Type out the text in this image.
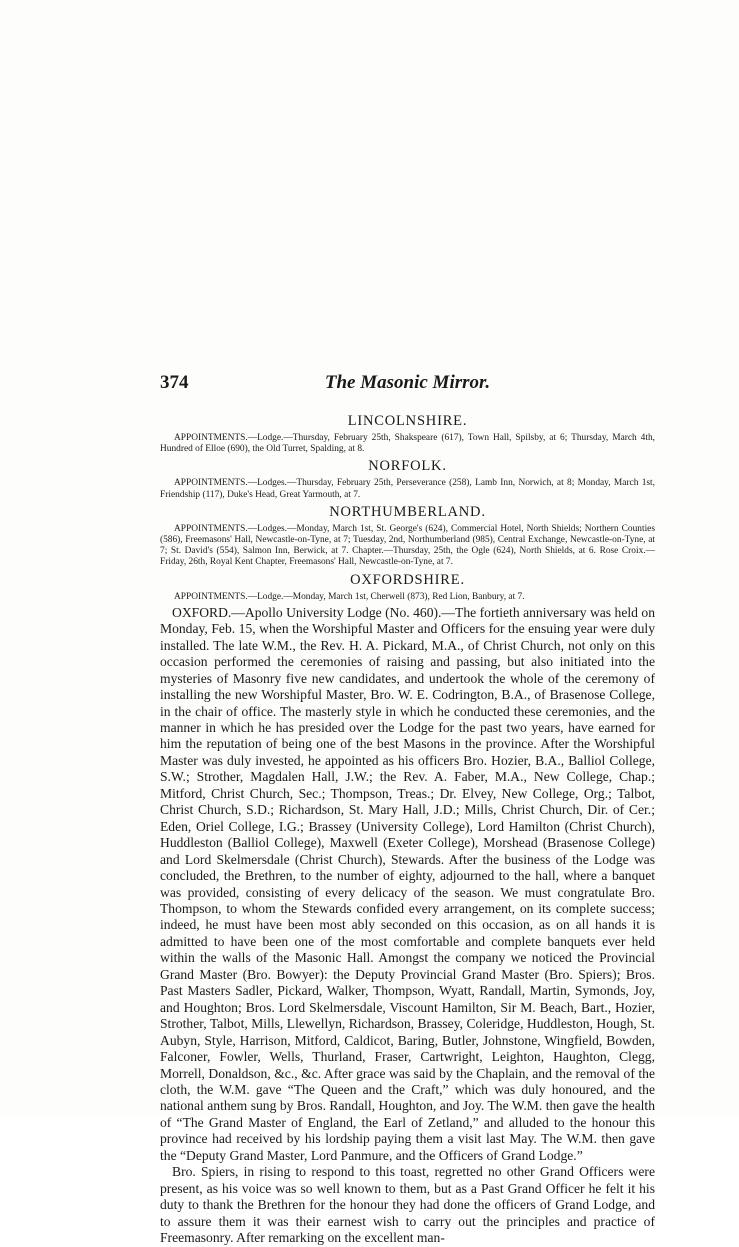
374	The Masonic Mirror.
LINCOLNSHIRE.

APPOINTMENTS.—Lodge.—Thursday, February 25th, Shakspeare (617), Town Hall, Spilsby, at 6; Thursday, March 4th, Hundred of Elloe (690), the Old Turret, Spalding, at 8.

NORFOLK.

APPOINTMENTS.—Lodges.—Thursday, February 25th, Perseverance (258), Lamb Inn, Norwich, at 8; Monday, March 1st, Friendship (117), Duke's Head, Great Yarmouth, at 7.

NORTHUMBERLAND.

APPOINTMENTS.—Lodges.—Monday, March 1st, St. George's (624), Commercial Hotel, North Shields; Northern Counties (586), Freemasons' Hall, Newcastle-on-Tyne, at 7; Tuesday, 2nd, Northumberland (985), Central Exchange, Newcastle-on-Tyne, at 7; St. David's (554), Salmon Inn, Berwick, at 7. Chapter.—Thursday, 25th, the Ogle (624), North Shields, at 6. Rose Croix.—Friday, 26th, Royal Kent Chapter, Freemasons' Hall, Newcastle-on-Tyne, at 7.

OXFORDSHIRE.

APPOINTMENTS.—Lodge.—Monday, March 1st, Cherwell (873), Red Lion, Banbury, at 7.

OXFORD.—Apollo University Lodge (No. 460).—The fortieth anniversary was held on Monday, Feb. 15, when the Worshipful Master and Officers for the ensuing year were duly installed. The late W.M., the Rev. H. A. Pickard, M.A., of Christ Church, not only on this occasion performed the ceremonies of raising and passing, but also initiated into the mysteries of Masonry five new candidates, and undertook the whole of the ceremony of installing the new Worshipful Master, Bro. W. E. Codrington, B.A., of Brasenose College, in the chair of office. The masterly style in which he conducted these ceremonies, and the manner in which he has presided over the Lodge for the past two years, have earned for him the reputation of being one of the best Masons in the province. After the Worshipful Master was duly invested, he appointed as his officers Bro. Hozier, B.A., Balliol College, S.W.; Strother, Magdalen Hall, J.W.; the Rev. A. Faber, M.A., New College, Chap.; Mitford, Christ Church, Sec.; Thompson, Treas.; Dr. Elvey, New College, Org.; Talbot, Christ Church, S.D.; Richardson, St. Mary Hall, J.D.; Mills, Christ Church, Dir. of Cer.; Eden, Oriel College, I.G.; Brassey (University College), Lord Hamilton (Christ Church), Huddleston (Balliol College), Maxwell (Exeter College), Morshead (Brasenose College) and Lord Skelmersdale (Christ Church), Stewards. After the business of the Lodge was concluded, the Brethren, to the number of eighty, adjourned to the hall, where a banquet was provided, consisting of every delicacy of the season. We must congratulate Bro. Thompson, to whom the Stewards confided every arrangement, on its complete success; indeed, he must have been most ably seconded on this occasion, as on all hands it is admitted to have been one of the most comfortable and complete banquets ever held within the walls of the Masonic Hall. Amongst the company we noticed the Provincial Grand Master (Bro. Bowyer): the Deputy Provincial Grand Master (Bro. Spiers); Bros. Past Masters Sadler, Pickard, Walker, Thompson, Wyatt, Randall, Martin, Symonds, Joy, and Houghton; Bros. Lord Skelmersdale, Viscount Hamilton, Sir M. Beach, Bart., Hozier, Strother, Talbot, Mills, Llewellyn, Richardson, Brassey, Coleridge, Huddleston, Hough, St. Aubyn, Style, Harrison, Mitford, Caldicot, Baring, Butler, Johnstone, Wingfield, Bowden, Falconer, Fowler, Wells, Thurland, Fraser, Cartwright, Leighton, Haughton, Clegg, Morrell, Donaldson, &c., &c. After grace was said by the Chaplain, and the removal of the cloth, the W.M. gave “The Queen and the Craft,” which was duly honoured, and the national anthem sung by Bros. Randall, Houghton, and Joy. The W.M. then gave the health of “The Grand Master of England, the Earl of Zetland,” and alluded to the honour this province had received by his lordship paying them a visit last May. The W.M. then gave the “Deputy Grand Master, Lord Panmure, and the Officers of Grand Lodge.”

Bro. Spiers, in rising to respond to this toast, regretted no other Grand Officers were present, as his voice was so well known to them, but as a Past Grand Officer he felt it his duty to thank the Brethren for the honour they had done the officers of Grand Lodge, and to assure them it was their earnest wish to carry out the principles and practice of Freemasonry. After remarking on the excellent man-
